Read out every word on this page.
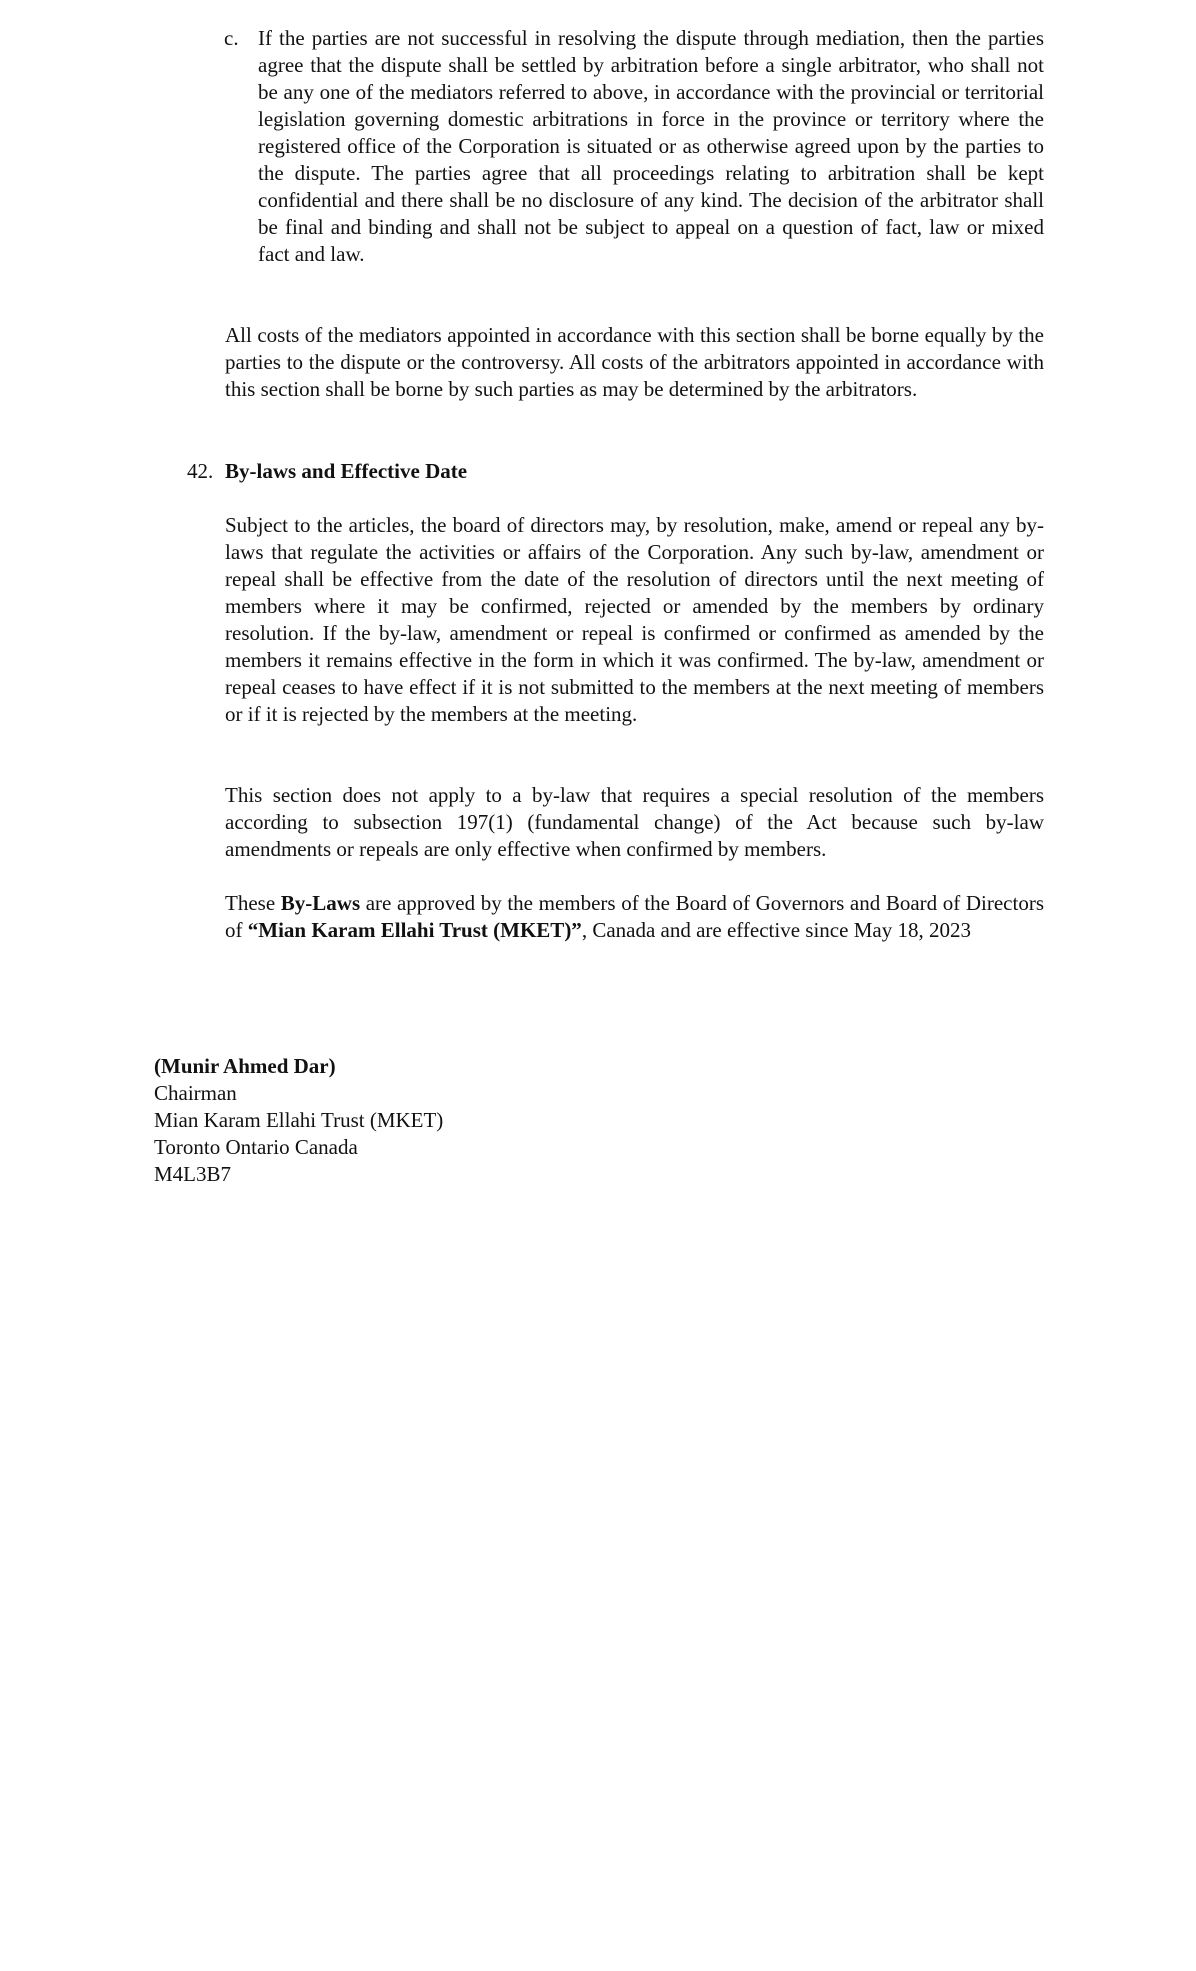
c. If the parties are not successful in resolving the dispute through mediation, then the parties agree that the dispute shall be settled by arbitration before a single arbitrator, who shall not be any one of the mediators referred to above, in accordance with the provincial or territorial legislation governing domestic arbitrations in force in the province or territory where the registered office of the Corporation is situated or as otherwise agreed upon by the parties to the dispute. The parties agree that all proceedings relating to arbitration shall be kept confidential and there shall be no disclosure of any kind. The decision of the arbitrator shall be final and binding and shall not be subject to appeal on a question of fact, law or mixed fact and law.

All costs of the mediators appointed in accordance with this section shall be borne equally by the parties to the dispute or the controversy. All costs of the arbitrators appointed in accordance with this section shall be borne by such parties as may be determined by the arbitrators.

42. By-laws and Effective Date

Subject to the articles, the board of directors may, by resolution, make, amend or repeal any by-laws that regulate the activities or affairs of the Corporation. Any such by-law, amendment or repeal shall be effective from the date of the resolution of directors until the next meeting of members where it may be confirmed, rejected or amended by the members by ordinary resolution. If the by-law, amendment or repeal is confirmed or confirmed as amended by the members it remains effective in the form in which it was confirmed. The by-law, amendment or repeal ceases to have effect if it is not submitted to the members at the next meeting of members or if it is rejected by the members at the meeting.

This section does not apply to a by-law that requires a special resolution of the members according to subsection 197(1) (fundamental change) of the Act because such by-law amendments or repeals are only effective when confirmed by members.

These By-Laws are approved by the members of the Board of Governors and Board of Directors of “Mian Karam Ellahi Trust (MKET)”, Canada and are effective since May 18, 2023

(Munir Ahmed Dar)
Chairman
Mian Karam Ellahi Trust (MKET)
Toronto Ontario Canada
M4L3B7
